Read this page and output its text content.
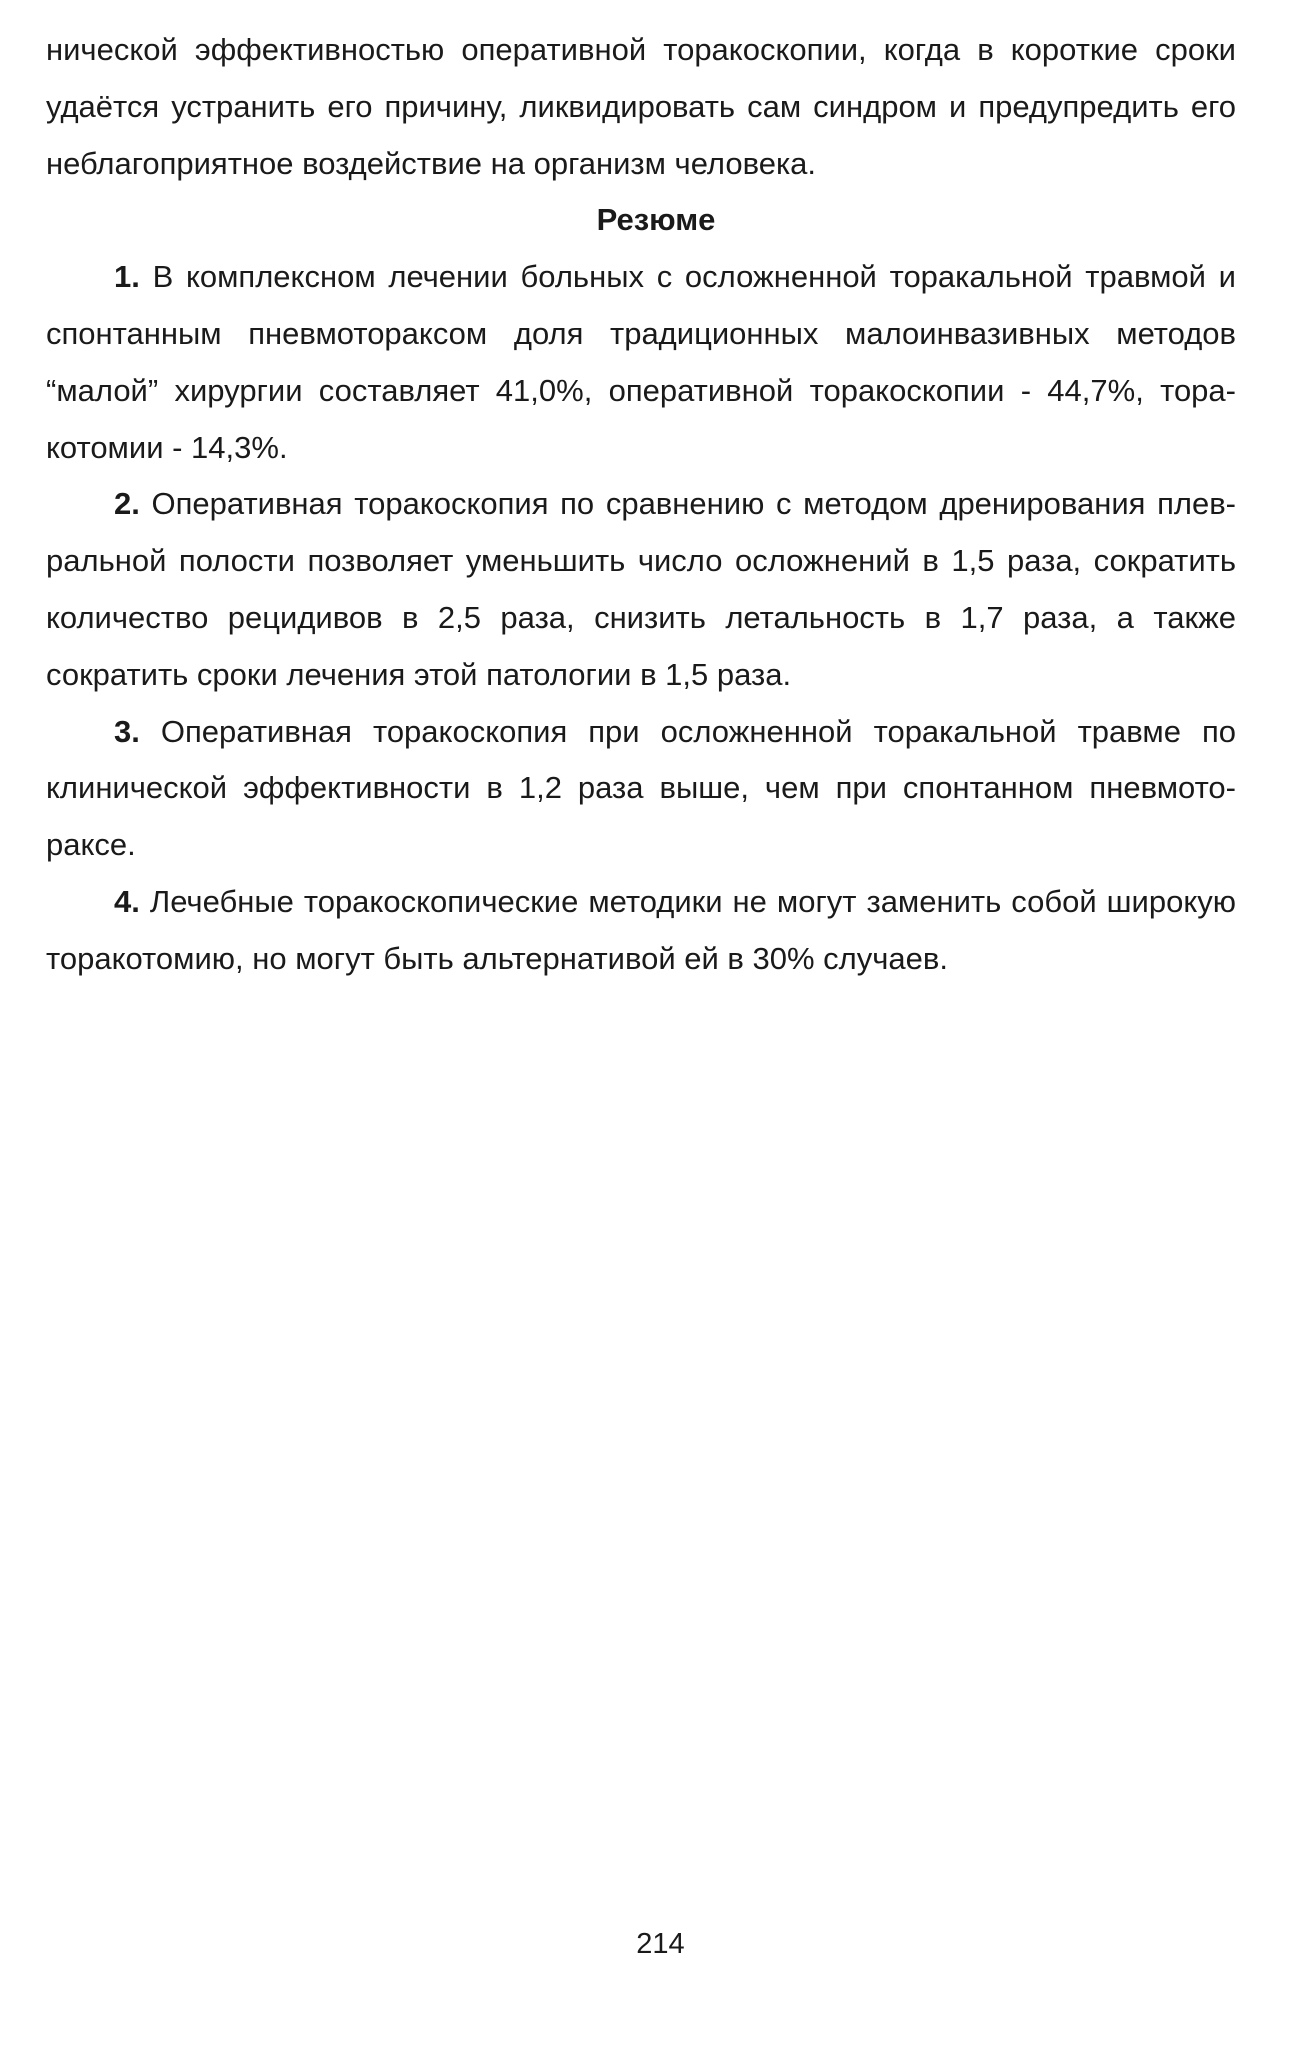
нической эффективностью оперативной торакоскопии, когда в короткие сроки удаётся устранить его причину, ликвидировать сам синдром и предупредить его неблагоприятное воздействие на организм человека.

Резюме

1. В комплексном лечении больных с осложненной торакальной травмой и спонтанным пневмотораксом доля традиционных малоинвазивных методов “малой” хирургии составляет 41,0%, оперативной торакоскопии - 44,7%, торакотомии - 14,3%.

2. Оперативная торакоскопия по сравнению с методом дренирования плевральной полости позволяет уменьшить число осложнений в 1,5 раза, сократить количество рецидивов в 2,5 раза, снизить летальность в 1,7 раза, а также сократить сроки лечения этой патологии в 1,5 раза.

3. Оперативная торакоскопия при осложненной торакальной травме по клинической эффективности в 1,2 раза выше, чем при спонтанном пневмотораксе.

4. Лечебные торакоскопические методики не могут заменить собой широкую торакотомию, но могут быть альтернативой ей в 30% случаев.

214
